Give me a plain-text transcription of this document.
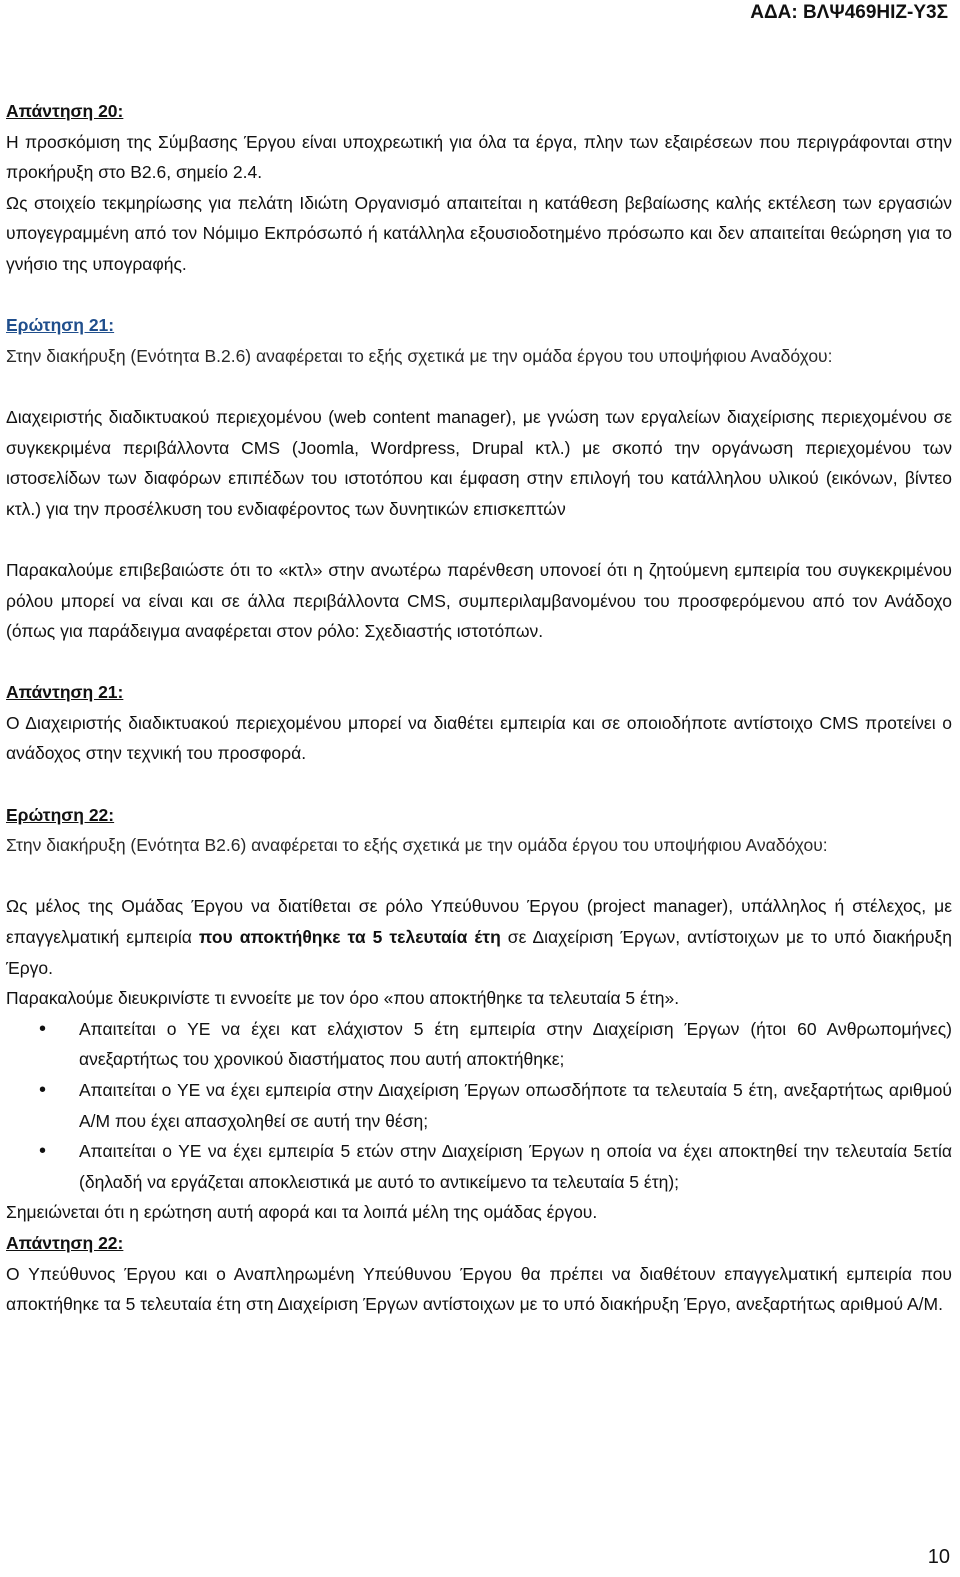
ΑΔΑ: ΒΛΨ469ΗΙΖ-Υ3Σ

Απάντηση 20:

Η προσκόμιση της Σύμβασης Έργου είναι υποχρεωτική για όλα τα έργα, πλην των εξαιρέσεων που περιγράφονται στην προκήρυξη στο Β2.6, σημείο 2.4.

Ως στοιχείο τεκμηρίωσης για πελάτη Ιδιώτη Οργανισμό απαιτείται η κατάθεση βεβαίωσης καλής εκτέλεση των εργασιών υπογεγραμμένη από τον Νόμιμο Εκπρόσωπό ή κατάλληλα εξουσιοδοτημένο πρόσωπο και δεν απαιτείται θεώρηση για το γνήσιο της υπογραφής.

Ερώτηση 21:

Στην διακήρυξη (Ενότητα Β.2.6) αναφέρεται το εξής σχετικά με την ομάδα έργου του υποψήφιου Αναδόχου:

Διαχειριστής διαδικτυακού περιεχομένου (web content manager), με γνώση των εργαλείων διαχείρισης περιεχομένου σε συγκεκριμένα περιβάλλοντα CMS (Joomla, Wordpress, Drupal κτλ.) με σκοπό την οργάνωση περιεχομένου των ιστοσελίδων των διαφόρων επιπέδων του ιστοτόπου και έμφαση στην επιλογή του κατάλληλου υλικού (εικόνων, βίντεο κτλ.) για την προσέλκυση του ενδιαφέροντος των δυνητικών επισκεπτών

Παρακαλούμε επιβεβαιώστε ότι το «κτλ» στην ανωτέρω παρένθεση υπονοεί ότι η ζητούμενη εμπειρία του συγκεκριμένου ρόλου μπορεί να είναι και σε άλλα περιβάλλοντα CMS, συμπεριλαμβανομένου του προσφερόμενου από τον Ανάδοχο (όπως για παράδειγμα αναφέρεται στον ρόλο: Σχεδιαστής ιστοτόπων.

Απάντηση 21:

Ο Διαχειριστής διαδικτυακού περιεχομένου μπορεί να διαθέτει εμπειρία και σε οποιοδήποτε αντίστοιχο CMS προτείνει ο ανάδοχος στην τεχνική του προσφορά.

Ερώτηση 22:

Στην διακήρυξη (Ενότητα Β2.6) αναφέρεται το εξής σχετικά με την ομάδα έργου του υποψήφιου Αναδόχου:

Ως μέλος της Ομάδας Έργου να διατίθεται σε ρόλο Υπεύθυνου Έργου (project manager), υπάλληλος ή στέλεχος, με επαγγελματική εμπειρία που αποκτήθηκε τα 5 τελευταία έτη σε Διαχείριση Έργων, αντίστοιχων με το υπό διακήρυξη Έργο.

Παρακαλούμε διευκρινίστε τι εννοείτε με τον όρο «που αποκτήθηκε τα τελευταία 5 έτη».

• Απαιτείται ο ΥΕ να έχει κατ ελάχιστον 5 έτη εμπειρία στην Διαχείριση Έργων (ήτοι 60 Ανθρωπομήνες) ανεξαρτήτως του χρονικού διαστήματος που αυτή αποκτήθηκε;
• Απαιτείται ο ΥΕ να έχει εμπειρία στην Διαχείριση Έργων οπωσδήποτε τα τελευταία 5 έτη, ανεξαρτήτως αριθμού Α/Μ που έχει απασχοληθεί σε αυτή την θέση;
• Απαιτείται ο ΥΕ να έχει εμπειρία 5 ετών στην Διαχείριση Έργων η οποία να έχει αποκτηθεί την τελευταία 5ετία (δηλαδή να εργάζεται αποκλειστικά με αυτό το αντικείμενο τα τελευταία 5 έτη);

Σημειώνεται ότι η ερώτηση αυτή αφορά και τα λοιπά μέλη της ομάδας έργου.

Απάντηση 22:

Ο Υπεύθυνος Έργου και ο Αναπληρωμένη Υπεύθυνου Έργου θα πρέπει να διαθέτουν επαγγελματική εμπειρία που αποκτήθηκε τα 5 τελευταία έτη στη Διαχείριση Έργων αντίστοιχων με το υπό διακήρυξη Έργο, ανεξαρτήτως αριθμού Α/Μ.

10
